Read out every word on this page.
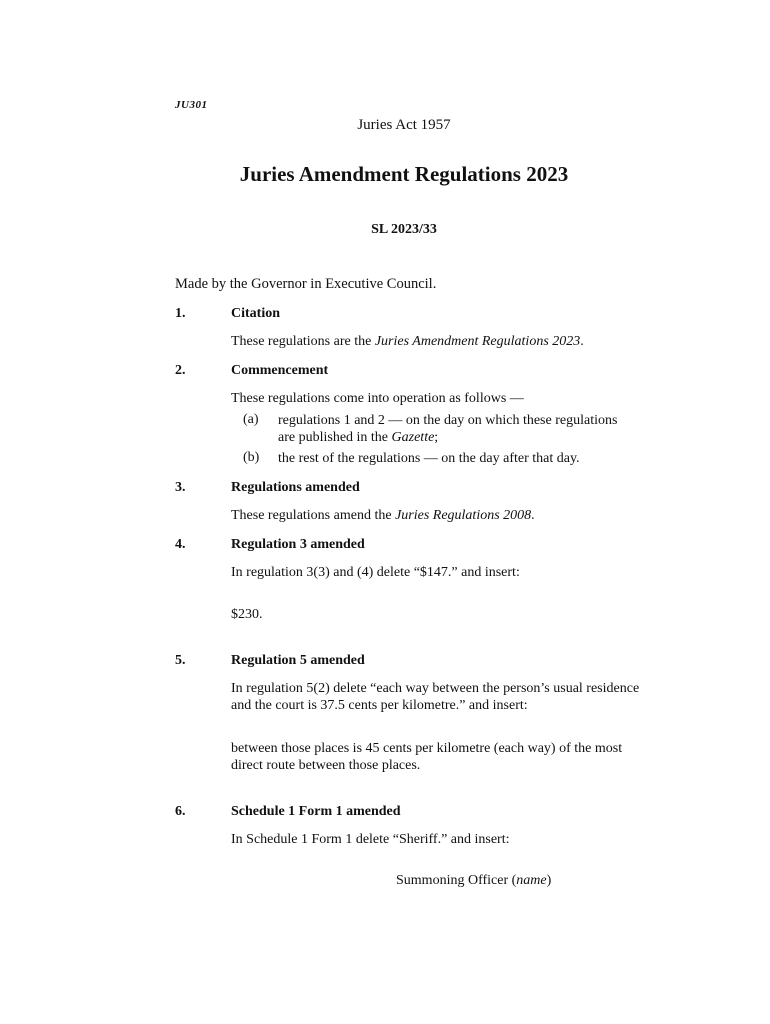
JU301
Juries Act 1957
Juries Amendment Regulations 2023
SL 2023/33
Made by the Governor in Executive Council.
1.	Citation
These regulations are the Juries Amendment Regulations 2023.
2.	Commencement
These regulations come into operation as follows —
(a) regulations 1 and 2 — on the day on which these regulations are published in the Gazette;
(b) the rest of the regulations — on the day after that day.
3.	Regulations amended
These regulations amend the Juries Regulations 2008.
4.	Regulation 3 amended
In regulation 3(3) and (4) delete “$147.” and insert:
$230.
5.	Regulation 5 amended
In regulation 5(2) delete “each way between the person’s usual residence and the court is 37.5 cents per kilometre.” and insert:
between those places is 45 cents per kilometre (each way) of the most direct route between those places.
6.	Schedule 1 Form 1 amended
In Schedule 1 Form 1 delete “Sheriff.” and insert:
Summoning Officer (name)
